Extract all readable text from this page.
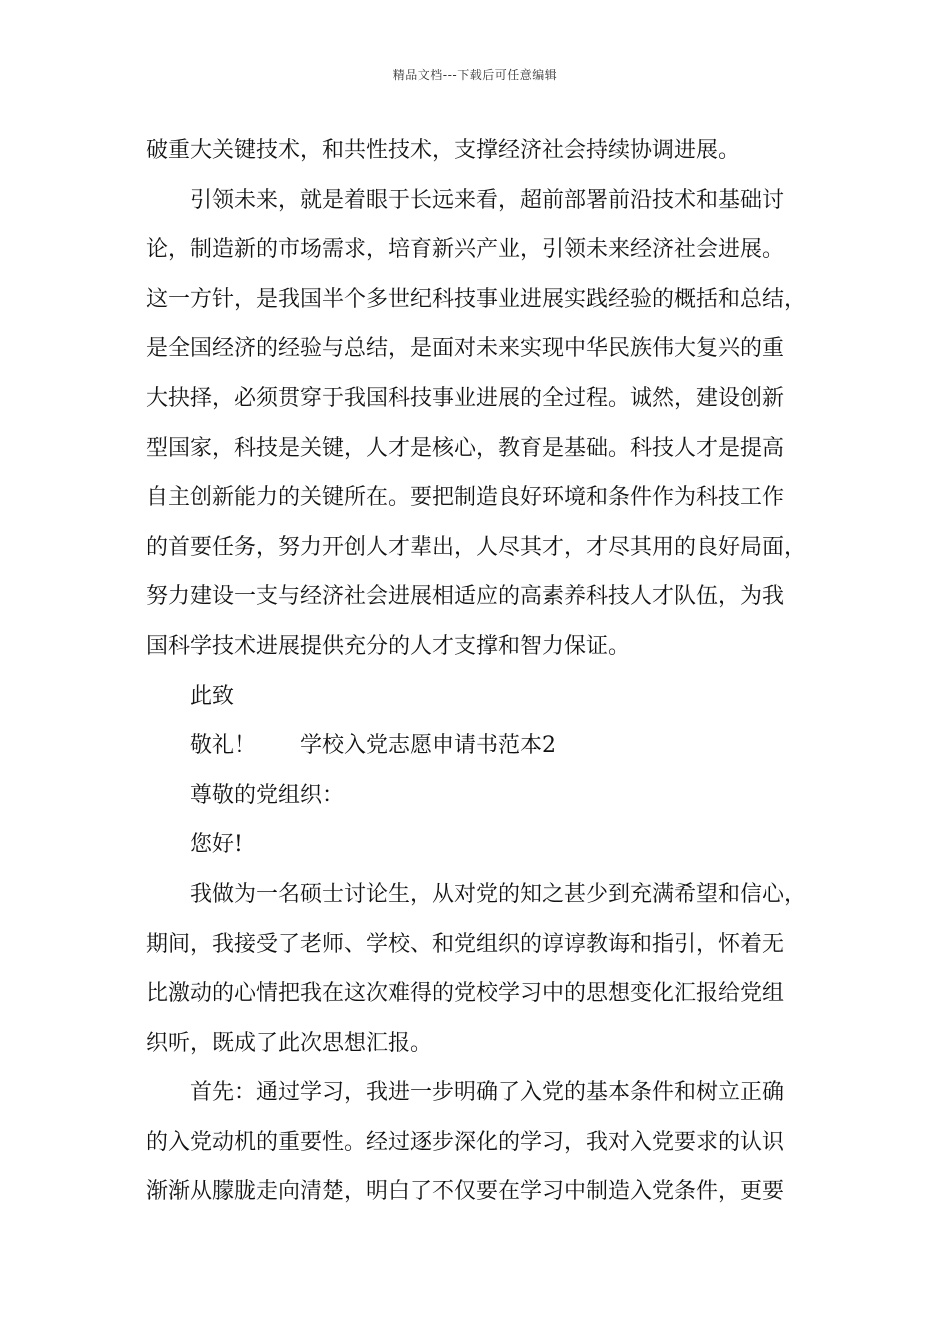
精品文档---下载后可任意编辑
破重大关键技术，和共性技术，支撑经济社会持续协调进展。
引领未来，就是着眼于长远来看，超前部署前沿技术和基础讨
论，制造新的市场需求，培育新兴产业，引领未来经济社会进展。
这一方针，是我国半个多世纪科技事业进展实践经验的概括和总结，
是全国经济的经验与总结，是面对未来实现中华民族伟大复兴的重
大抉择，必须贯穿于我国科技事业进展的全过程。诚然，建设创新
型国家，科技是关键，人才是核心，教育是基础。科技人才是提高
自主创新能力的关键所在。要把制造良好环境和条件作为科技工作
的首要任务，努力开创人才辈出，人尽其才，才尽其用的良好局面，
努力建设一支与经济社会进展相适应的高素养科技人才队伍，为我
国科学技术进展提供充分的人才支撑和智力保证。
此致
敬礼！ 学校入党志愿申请书范本2
尊敬的党组织：
您好!
我做为一名硕士讨论生，从对党的知之甚少到充满希望和信心，
期间，我接受了老师、学校、和党组织的谆谆教诲和指引，怀着无
比激动的心情把我在这次难得的党校学习中的思想变化汇报给党组
织听，既成了此次思想汇报。
首先：通过学习，我进一步明确了入党的基本条件和树立正确
的入党动机的重要性。经过逐步深化的学习，我对入党要求的认识
渐渐从朦胧走向清楚，明白了不仅要在学习中制造入党条件，更要
